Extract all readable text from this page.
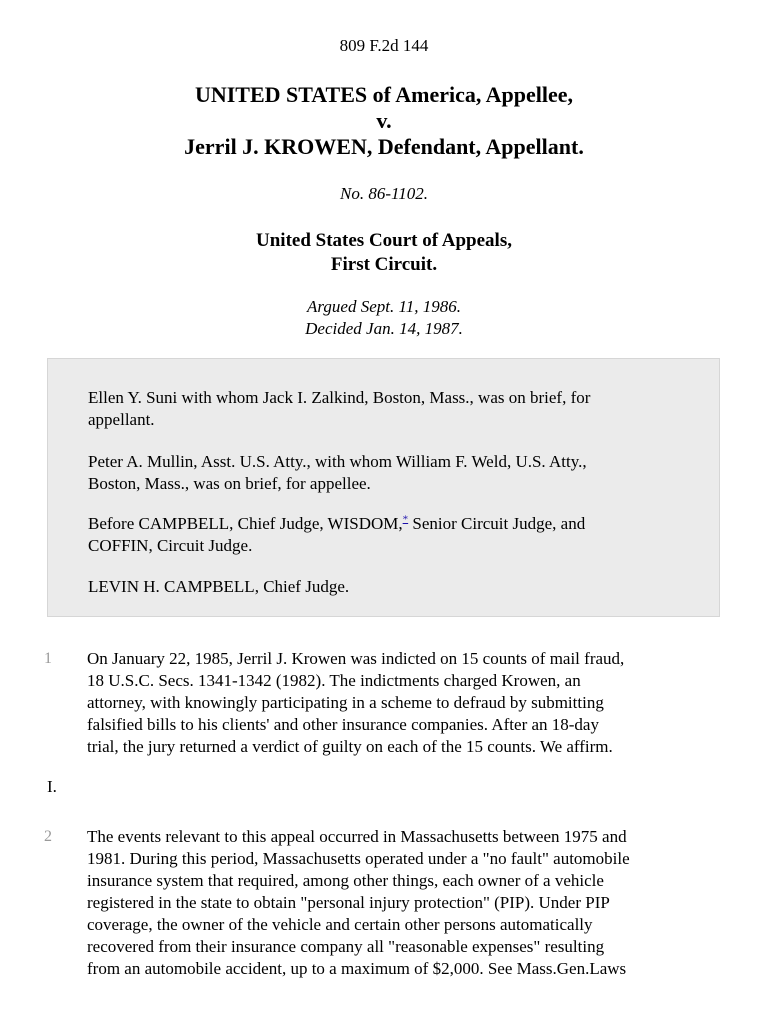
809 F.2d 144
UNITED STATES of America, Appellee,
v.
Jerril J. KROWEN, Defendant, Appellant.
No. 86-1102.
United States Court of Appeals,
First Circuit.
Argued Sept. 11, 1986.
Decided Jan. 14, 1987.
Ellen Y. Suni with whom Jack I. Zalkind, Boston, Mass., was on brief, for
appellant.
Peter A. Mullin, Asst. U.S. Atty., with whom William F. Weld, U.S. Atty.,
Boston, Mass., was on brief, for appellee.
Before CAMPBELL, Chief Judge, WISDOM,* Senior Circuit Judge, and
COFFIN, Circuit Judge.
LEVIN H. CAMPBELL, Chief Judge.
1	On January 22, 1985, Jerril J. Krowen was indicted on 15 counts of mail fraud,
18 U.S.C. Secs. 1341-1342 (1982). The indictments charged Krowen, an
attorney, with knowingly participating in a scheme to defraud by submitting
falsified bills to his clients' and other insurance companies. After an 18-day
trial, the jury returned a verdict of guilty on each of the 15 counts. We affirm.
I.
2	The events relevant to this appeal occurred in Massachusetts between 1975 and
1981. During this period, Massachusetts operated under a "no fault" automobile
insurance system that required, among other things, each owner of a vehicle
registered in the state to obtain "personal injury protection" (PIP). Under PIP
coverage, the owner of the vehicle and certain other persons automatically
recovered from their insurance company all "reasonable expenses" resulting
from an automobile accident, up to a maximum of $2,000. See Mass.Gen.Laws
